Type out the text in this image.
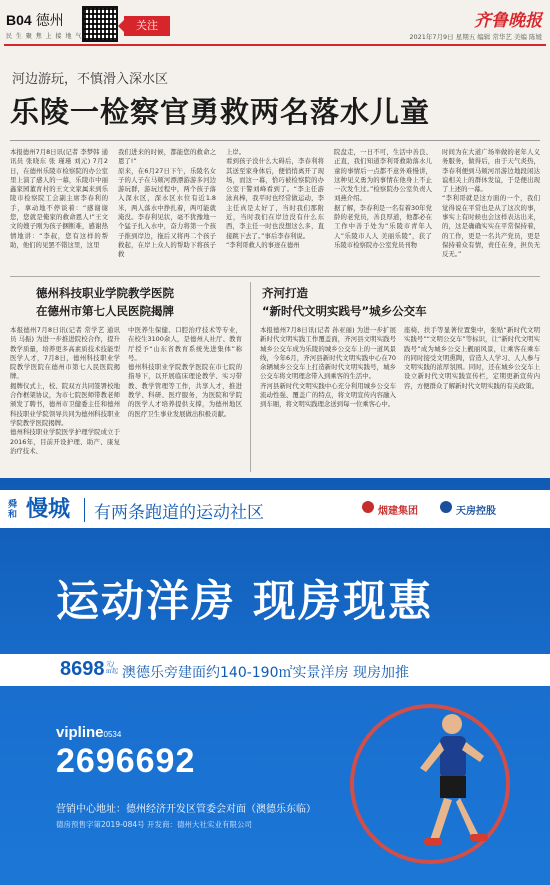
B04 德州
民 生 聚 焦 上 接 地 气
关注	齐鲁晚报
2021年7月9日 星期五 编辑 常华艺 美编 陈媛
河边游玩，不慎滑入深水区
乐陵一检察官勇救两名落水儿童
本报德州7月8日讯(记者 李梦韩 通讯员 张晓东 张 瑾瑾 刘元) 7月2日，在德州乐陵市检察院的办公室里上演了感人的一幕，乐陵市中丽鑫家园董育村的王文文家属来到乐陵市检察院工会副主席李春利的手，拿动地不停谈着：“感谢谢您，您就是俺家的救命恩人!”王文文的嫂子刚为孩子捆断难，感谢热情地讲：“李叔，您有这样的帮助，他们的见罢不错这里，这里
我们进来的时候，都能您的救命之恩了!”
原来，在6月27日下午，乐陵名女子的人子在马颊河漂漂游游多河边游玩群，游玩过程中，两个孩子落入深水区，深水区水位有近1.8米，两人落水中挣扎着，两可能就淹没。李春利见状，毫不犹豫地一个猛子扎入水中，奋力将第一个孩子推到岸边，拖后又将再二个孩子救起，在岸上众人的帮助下将孩子救
上岸。
看到孩子没什么大碍后，李春利将其送至家身体后，便悄悄离开了现场，而这一幕，恰巧被检察院的办公室干警刘峰看到了。“李主任游泳真棒，我平时也经常做运动，李主任真是太好了，当时我们那附近，当时我们在岸边没有什么东西，李主任一时也没想这么多，直接跳下去了。”事后李春利说。
“李利哥救人的事迹在德州
院盘走，一日不可，生活中善良、正直，我们知道李利哥救助落水儿童的事情后一点都不意外难慢讲，这种见义勇为的事情在他身上不止一次发生过。”检察院办公室负责人刘燕介绍。
据了解，李春利是一名有着30年党龄的老党员，善良厚道，他都必在工作中善于处为“乐陵市青年人人”乐陵市人人 美丽乐陵”，获了乐陵市检察院办公室党员刊物
时间为在大道广场举做的老年人义务服务，做得后，由于天气炎热，李春利便到马颊河吊游边地段闲达谊相关上的群休发谊，于是便出现了上述的一幕。
“李利哥就是这方面的一个，我们觉得说在平常也是从了这次的事，事实上有时候也会这样表达出来，的，这是确确实实在平常保持着，的工作，更是一名共产党员，更是保持着众有情，责任在身，担负无反无。”
德州科技职业学院教学医院
在德州市第七人民医院揭牌
本报德州7月8日讯(记者 常学艺 通讯员 马振) 为进一步推进院校合作，提升教学质量，培养更多高素质技术技能型医学人才，7月8日，德州科技职业学院教学医院在德州市第七人民医院揭牌。
揭牌仪式上，校、院双方共同签署校地合作框架协议，为市七院医师带教老师颁发了聘书，德州市卫健委主任和德州科技职业学院领导共同为德州科技职业学院教学医院揭牌。
德州科技职业学院医学护理学院成立于2016年，目前开设护理、助产、康复治疗技术、
中医养生保健、口腔治疗技术等专业，在校生3100余人，是德州人社厅、教育厅授予“山东省教育系统先进集体”称号。
德州科技职业学院教学医院在市七院的指导下，以开展临床理论教学、实习带教、教学管理等工作，共享人才，推进教学、科研、医疗服务，为医院和学院的医学人才培养提供支撑，为德州地区的医疗卫生事业发展做出积极贡献。
齐河打造
“新时代文明实践号”城乡公交车
本报德州7月8日讯(记者 孙亚丽) 为进一步扩展新时代文明实践工作覆盖面，齐河县文明实践号城乡公交车成为乐陵的城乡公交车上的一道风景线，今年6月，齐河县新时代文明实践中心在70余辆城乡公交车上打造新时代文明实践号，城乡公交车将文明理念带入到乘客的生活中。
齐河县新时代文明实践中心充分利用城乡公交车流动性强、覆盖广的特点，将文明宣传内容融入到车厢，将文明实践理念送到每一位乘客心中。
座椅、扶手等显著位置集中，张贴“新时代文明实践号”“文明公交车”等标识，让“新时代文明实践号”成为城乡公交上靓丽风景，让乘客在乘车的同时接受文明熏陶，营造人人学习、人人参与文明实践的浓厚氛围。同时，还在城乡公交车上设立新时代文明实践宣传栏，定期更新宣传内容，方便群众了解新时代文明实践的有关政策。
舜和 慢城 有两条跑道的运动社区	烟建集团	天房控股
运动洋房 现房现惠
8698 元/㎡起 澳德乐旁建面约140-190㎡实景洋房 现房加推
vipline0534
2696692
营销中心地址：德州经济开发区管委会对面（澳德乐东临）
德房预售字第2019-084号 开发商：德州大社实业有限公司
